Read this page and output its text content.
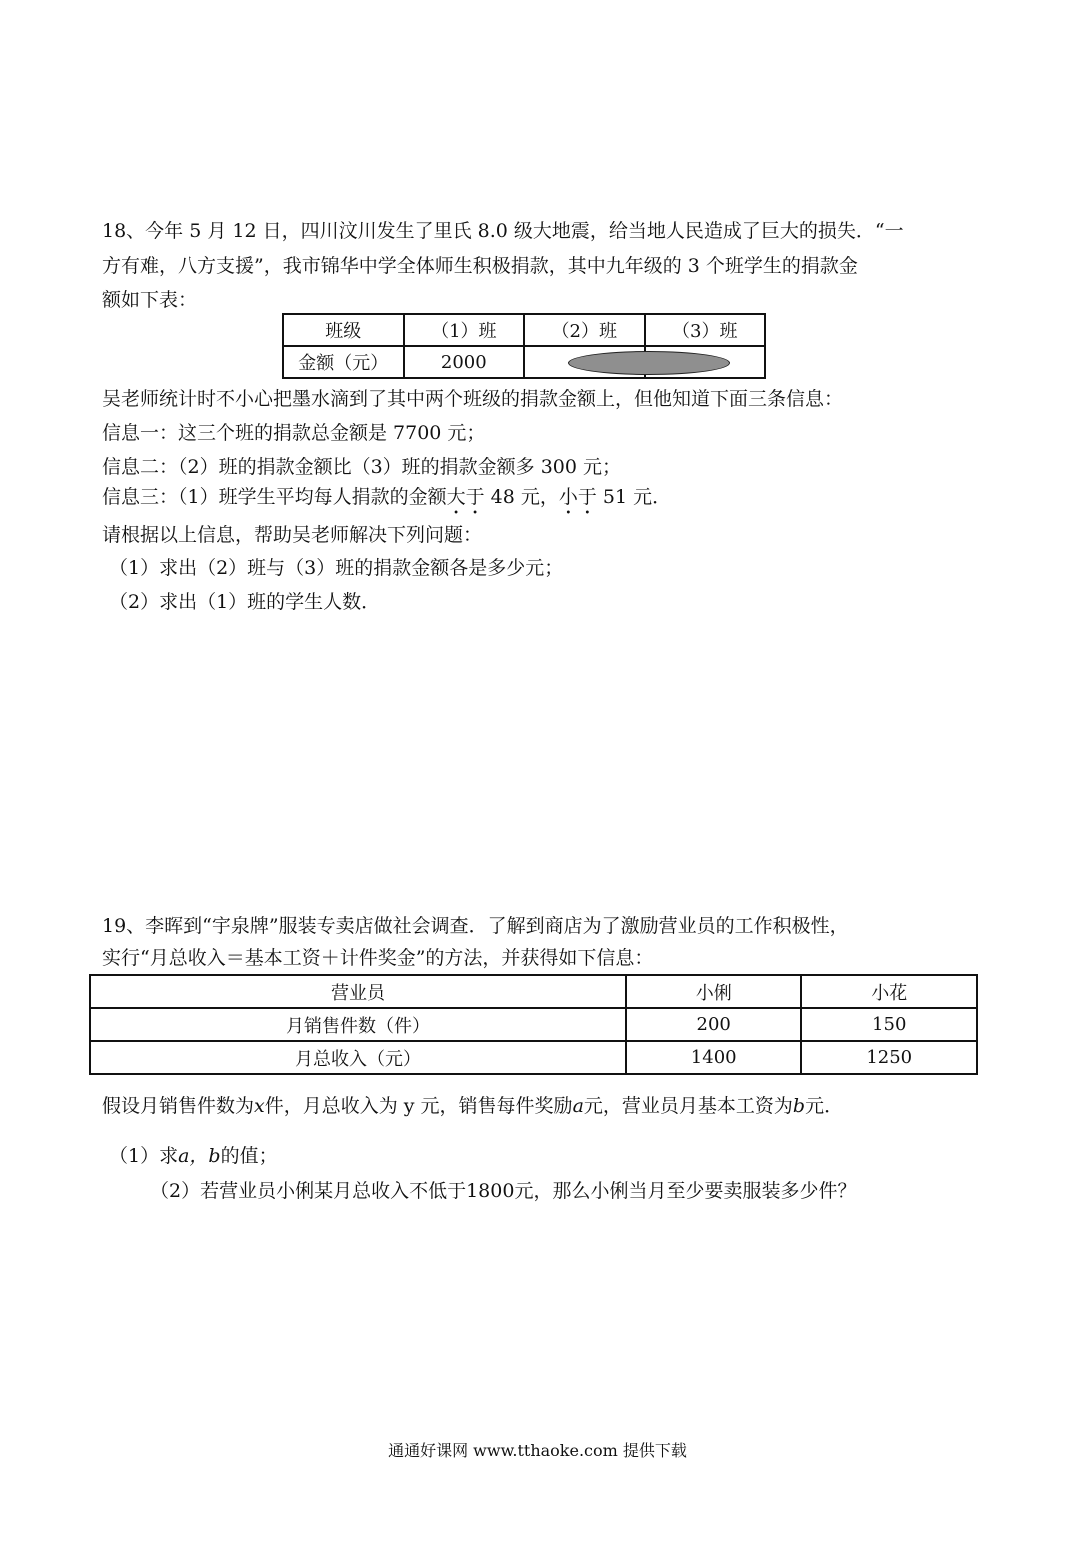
18、今年 5 月 12 日，四川汶川发生了里氏 8.0 级大地震，给当地人民造成了巨大的损失．“一
方有难，八方支援”，我市锦华中学全体师生积极捐款，其中九年级的 3 个班学生的捐款金
额如下表：
班级	（1）班	（2）班	（3）班
金额（元）	2000		
吴老师统计时不小心把墨水滴到了其中两个班级的捐款金额上，但他知道下面三条信息：
信息一：这三个班的捐款总金额是 7700 元；
信息二：（2）班的捐款金额比（3）班的捐款金额多 300 元；
信息三：（1）班学生平均每人捐款的金额大于 48 元，小于 51 元．
请根据以上信息，帮助吴老师解决下列问题：
（1）求出（2）班与（3）班的捐款金额各是多少元；
（2）求出（1）班的学生人数．
19、李晖到“宇泉牌”服装专卖店做社会调查．了解到商店为了激励营业员的工作积极性，
实行“月总收入＝基本工资＋计件奖金”的方法，并获得如下信息：
营业员	小俐	小花
月销售件数（件）	200	150
月总收入（元）	1400	1250
假设月销售件数为x件，月总收入为 y 元，销售每件奖励a元，营业员月基本工资为b元．
（1）求a，b的值；
（2）若营业员小俐某月总收入不低于1800元，那么小俐当月至少要卖服装多少件？
通通好课网 www.tthaoke.com 提供下载
